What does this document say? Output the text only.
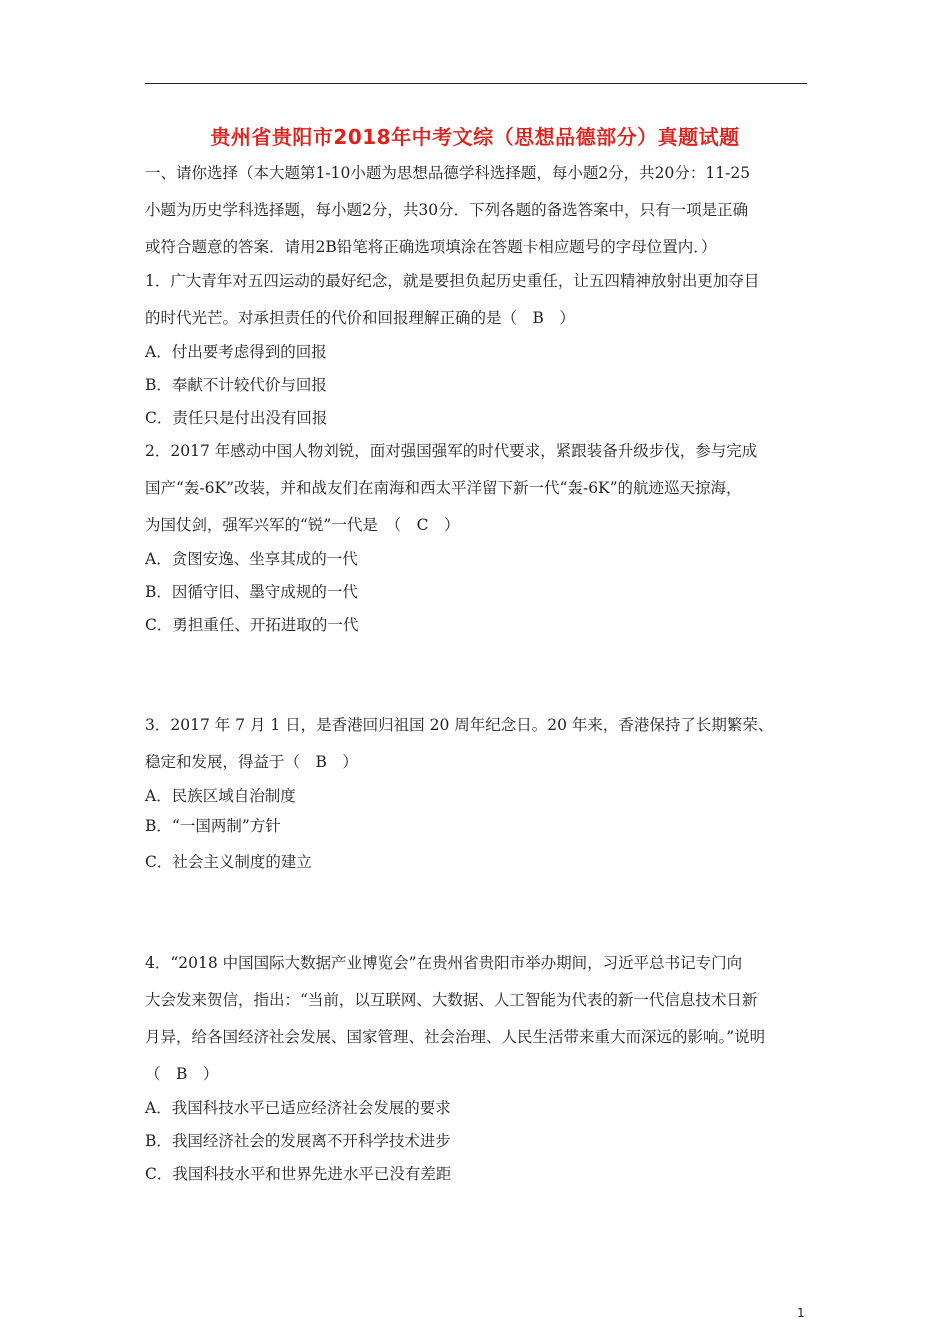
贵州省贵阳市2018年中考文综（思想品德部分）真题试题
一、请你选择（本大题第1-10小题为思想品德学科选择题，每小题2分，共20分：11-25
小题为历史学科选择题，每小题2分，共30分．下列各题的备选答案中，只有一项是正确
或符合题意的答案．请用2B铅笔将正确选项填涂在答题卡相应题号的字母位置内．）
1．广大青年对五四运动的最好纪念，就是要担负起历史重任，让五四精神放射出更加夺目
的时代光芒。对承担责任的代价和回报理解正确的是（　B　）
A．付出要考虑得到的回报
B．奉献不计较代价与回报
C．责任只是付出没有回报
2．2017 年感动中国人物刘锐，面对强国强军的时代要求，紧跟装备升级步伐，参与完成
国产“轰-6K”改装，并和战友们在南海和西太平洋留下新一代“轰-6K”的航迹巡天掠海，
为国仗剑，强军兴军的“锐”一代是　（　C　）
A．贪图安逸、坐享其成的一代
B．因循守旧、墨守成规的一代
C．勇担重任、开拓进取的一代
3．2017 年 7 月 1 日，是香港回归祖国 20 周年纪念日。20 年来，香港保持了长期繁荣、
稳定和发展，得益于（　B　）
A．民族区域自治制度
B．“一国两制”方针
C．社会主义制度的建立
4．“2018 中国国际大数据产业博览会”在贵州省贵阳市举办期间，习近平总书记专门向
大会发来贺信，指出：“当前，以互联网、大数据、人工智能为代表的新一代信息技术日新
月异，给各国经济社会发展、国家管理、社会治理、人民生活带来重大而深远的影响。”说明
（　B　）
A．我国科技水平已适应经济社会发展的要求
B．我国经济社会的发展离不开科学技术进步
C．我国科技水平和世界先进水平已没有差距
1
